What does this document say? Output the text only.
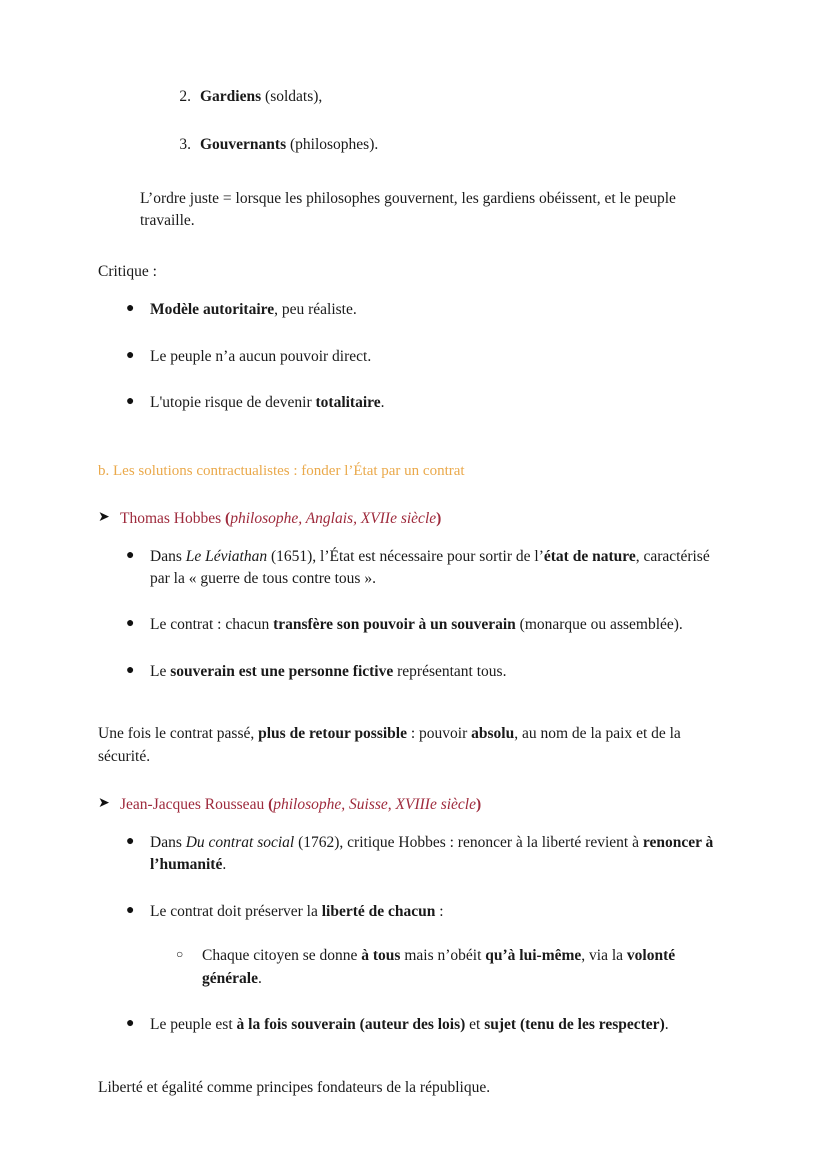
2. Gardiens (soldats),
3. Gouvernants (philosophes).

L’ordre juste = lorsque les philosophes gouvernent, les gardiens obéissent, et le peuple travaille.

Critique :

● Modèle autoritaire, peu réaliste.
● Le peuple n’a aucun pouvoir direct.
● L'utopie risque de devenir totalitaire.

b. Les solutions contractualistes : fonder l’État par un contrat

➤ Thomas Hobbes (philosophe, Anglais, XVIIe siècle)

● Dans Le Léviathan (1651), l’État est nécessaire pour sortir de l’état de nature, caractérisé par la « guerre de tous contre tous ».
● Le contrat : chacun transfère son pouvoir à un souverain (monarque ou assemblée).
● Le souverain est une personne fictive représentant tous.

Une fois le contrat passé, plus de retour possible : pouvoir absolu, au nom de la paix et de la sécurité.

➤ Jean-Jacques Rousseau (philosophe, Suisse, XVIIIe siècle)

● Dans Du contrat social (1762), critique Hobbes : renoncer à la liberté revient à renoncer à l’humanité.
● Le contrat doit préserver la liberté de chacun :
○ Chaque citoyen se donne à tous mais n’obéit qu’à lui-même, via la volonté générale.
● Le peuple est à la fois souverain (auteur des lois) et sujet (tenu de les respecter).

Liberté et égalité comme principes fondateurs de la république.
